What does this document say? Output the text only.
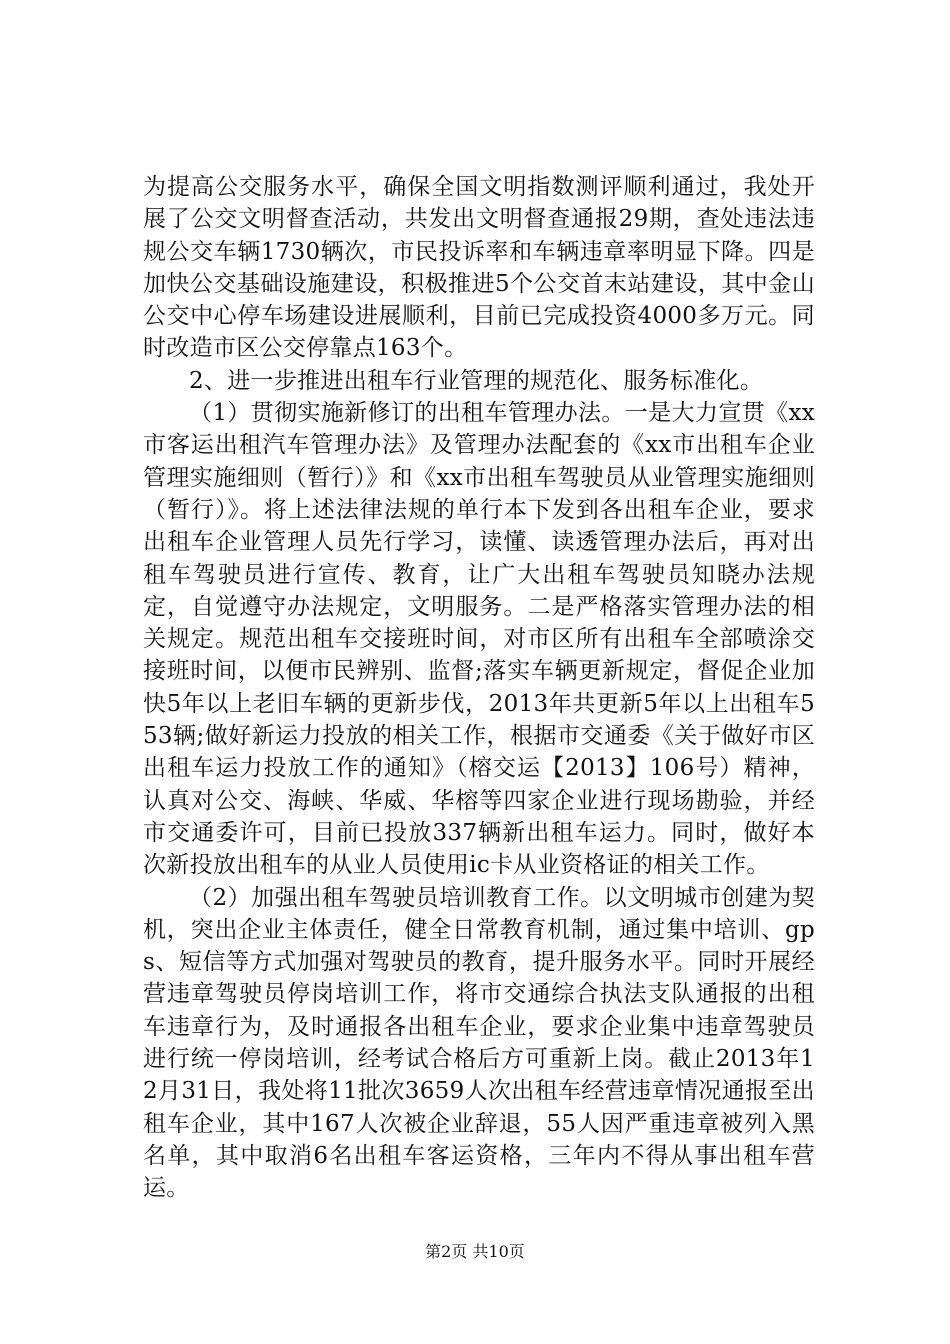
为提高公交服务水平，确保全国文明指数测评顺利通过，我处开展了公交文明督查活动，共发出文明督查通报29期，查处违法违规公交车辆1730辆次，市民投诉率和车辆违章率明显下降。四是加快公交基础设施建设，积极推进5个公交首末站建设，其中金山公交中心停车场建设进展顺利，目前已完成投资4000多万元。同时改造市区公交停靠点163个。

2、进一步推进出租车行业管理的规范化、服务标准化。

（1）贯彻实施新修订的出租车管理办法。一是大力宣贯《xx市客运出租汽车管理办法》及管理办法配套的《xx市出租车企业管理实施细则（暂行）》和《xx市出租车驾驶员从业管理实施细则（暂行）》。将上述法律法规的单行本下发到各出租车企业，要求出租车企业管理人员先行学习，读懂、读透管理办法后，再对出租车驾驶员进行宣传、教育，让广大出租车驾驶员知晓办法规定，自觉遵守办法规定，文明服务。二是严格落实管理办法的相关规定。规范出租车交接班时间，对市区所有出租车全部喷涂交接班时间，以便市民辨别、监督;落实车辆更新规定，督促企业加快5年以上老旧车辆的更新步伐，2013年共更新5年以上出租车553辆;做好新运力投放的相关工作，根据市交通委《关于做好市区出租车运力投放工作的通知》（榕交运【2013】106号）精神，认真对公交、海峡、华威、华榕等四家企业进行现场勘验，并经市交通委许可，目前已投放337辆新出租车运力。同时，做好本次新投放出租车的从业人员使用ic卡从业资格证的相关工作。

（2）加强出租车驾驶员培训教育工作。以文明城市创建为契机，突出企业主体责任，健全日常教育机制，通过集中培训、gps、短信等方式加强对驾驶员的教育，提升服务水平。同时开展经营违章驾驶员停岗培训工作，将市交通综合执法支队通报的出租车违章行为，及时通报各出租车企业，要求企业集中违章驾驶员进行统一停岗培训，经考试合格后方可重新上岗。截止2013年12月31日，我处将11批次3659人次出租车经营违章情况通报至出租车企业，其中167人次被企业辞退，55人因严重违章被列入黑名单，其中取消6名出租车客运资格，三年内不得从事出租车营运。

第2页 共10页
